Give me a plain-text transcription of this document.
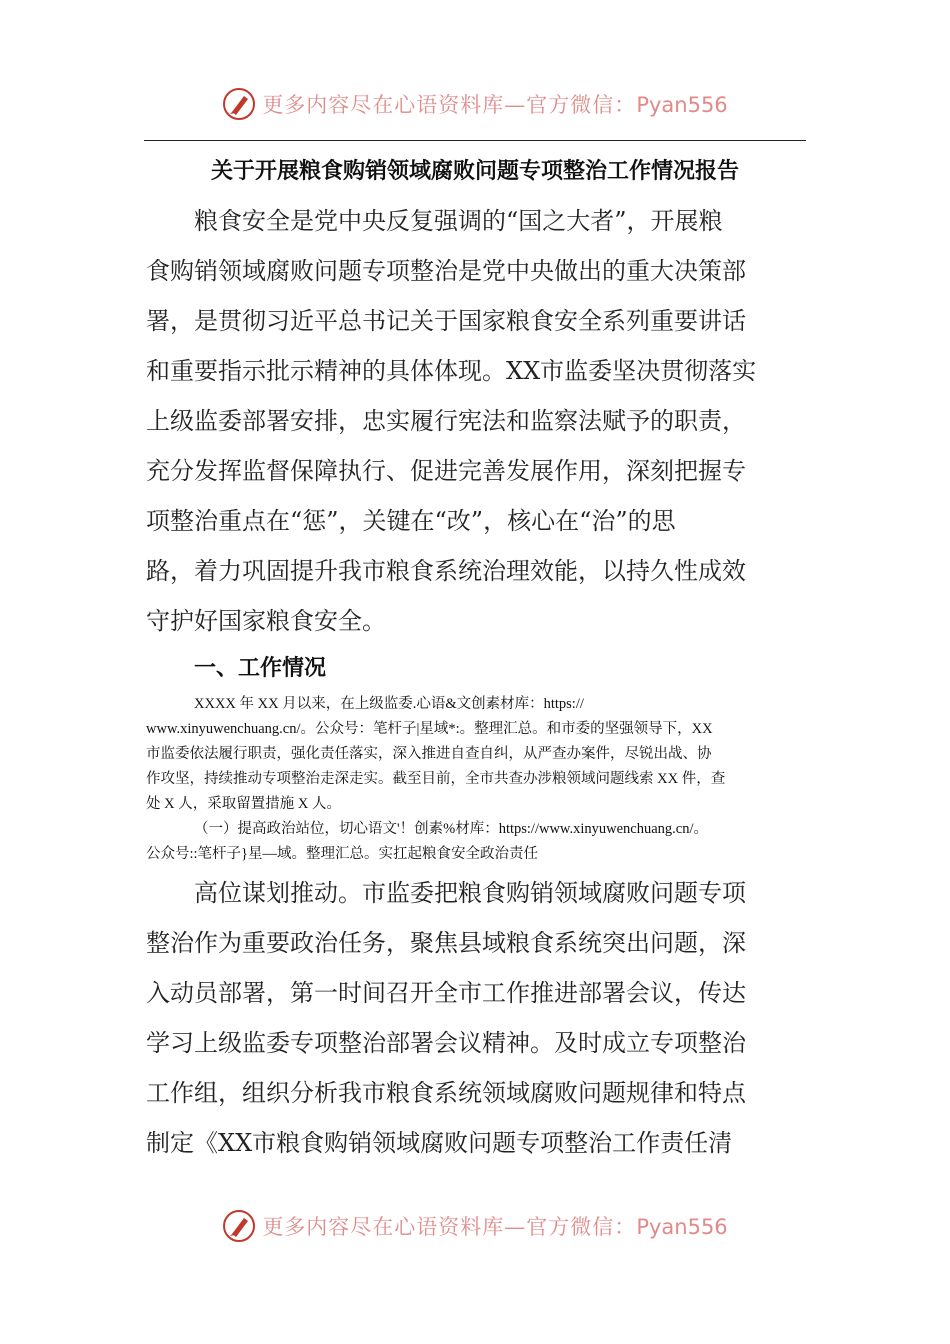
更多内容尽在心语资料库—官方微信：Pyan556
关于开展粮食购销领域腐败问题专项整治工作情况报告
粮食安全是党中央反复强调的“国之大者”，开展粮
食购销领域腐败问题专项整治是党中央做出的重大决策部
署，是贯彻习近平总书记关于国家粮食安全系列重要讲话
和重要指示批示精神的具体体现。XX市监委坚决贯彻落实
上级监委部署安排，忠实履行宪法和监察法赋予的职责，
充分发挥监督保障执行、促进完善发展作用，深刻把握专
项整治重点在“惩”，关键在“改”，核心在“治”的思
路，着力巩固提升我市粮食系统治理效能，以持久性成效
守护好国家粮食安全。
一、工作情况
XXXX 年 XX 月以来，在上级监委.心语&文创素材库：https://
www.xinyuwenchuang.cn/。公众号：笔杆子|星域*:。整理汇总。和市委的坚强领导下，XX
市监委依法履行职责，强化责任落实，深入推进自查自纠，从严查办案件，尽锐出战、协
作攻坚，持续推动专项整治走深走实。截至目前，全市共查办涉粮领域问题线索 XX 件，查
处 X 人，采取留置措施 X 人。
（一）提高政治站位，切心语文'！创素%材库：https://www.xinyuwenchuang.cn/。
公众号::笔杆子}星—域。整理汇总。实扛起粮食安全政治责任
高位谋划推动。市监委把粮食购销领域腐败问题专项
整治作为重要政治任务，聚焦县域粮食系统突出问题，深
入动员部署，第一时间召开全市工作推进部署会议，传达
学习上级监委专项整治部署会议精神。及时成立专项整治
工作组，组织分析我市粮食系统领域腐败问题规律和特点
制定《XX市粮食购销领域腐败问题专项整治工作责任清
更多内容尽在心语资料库—官方微信：Pyan556
